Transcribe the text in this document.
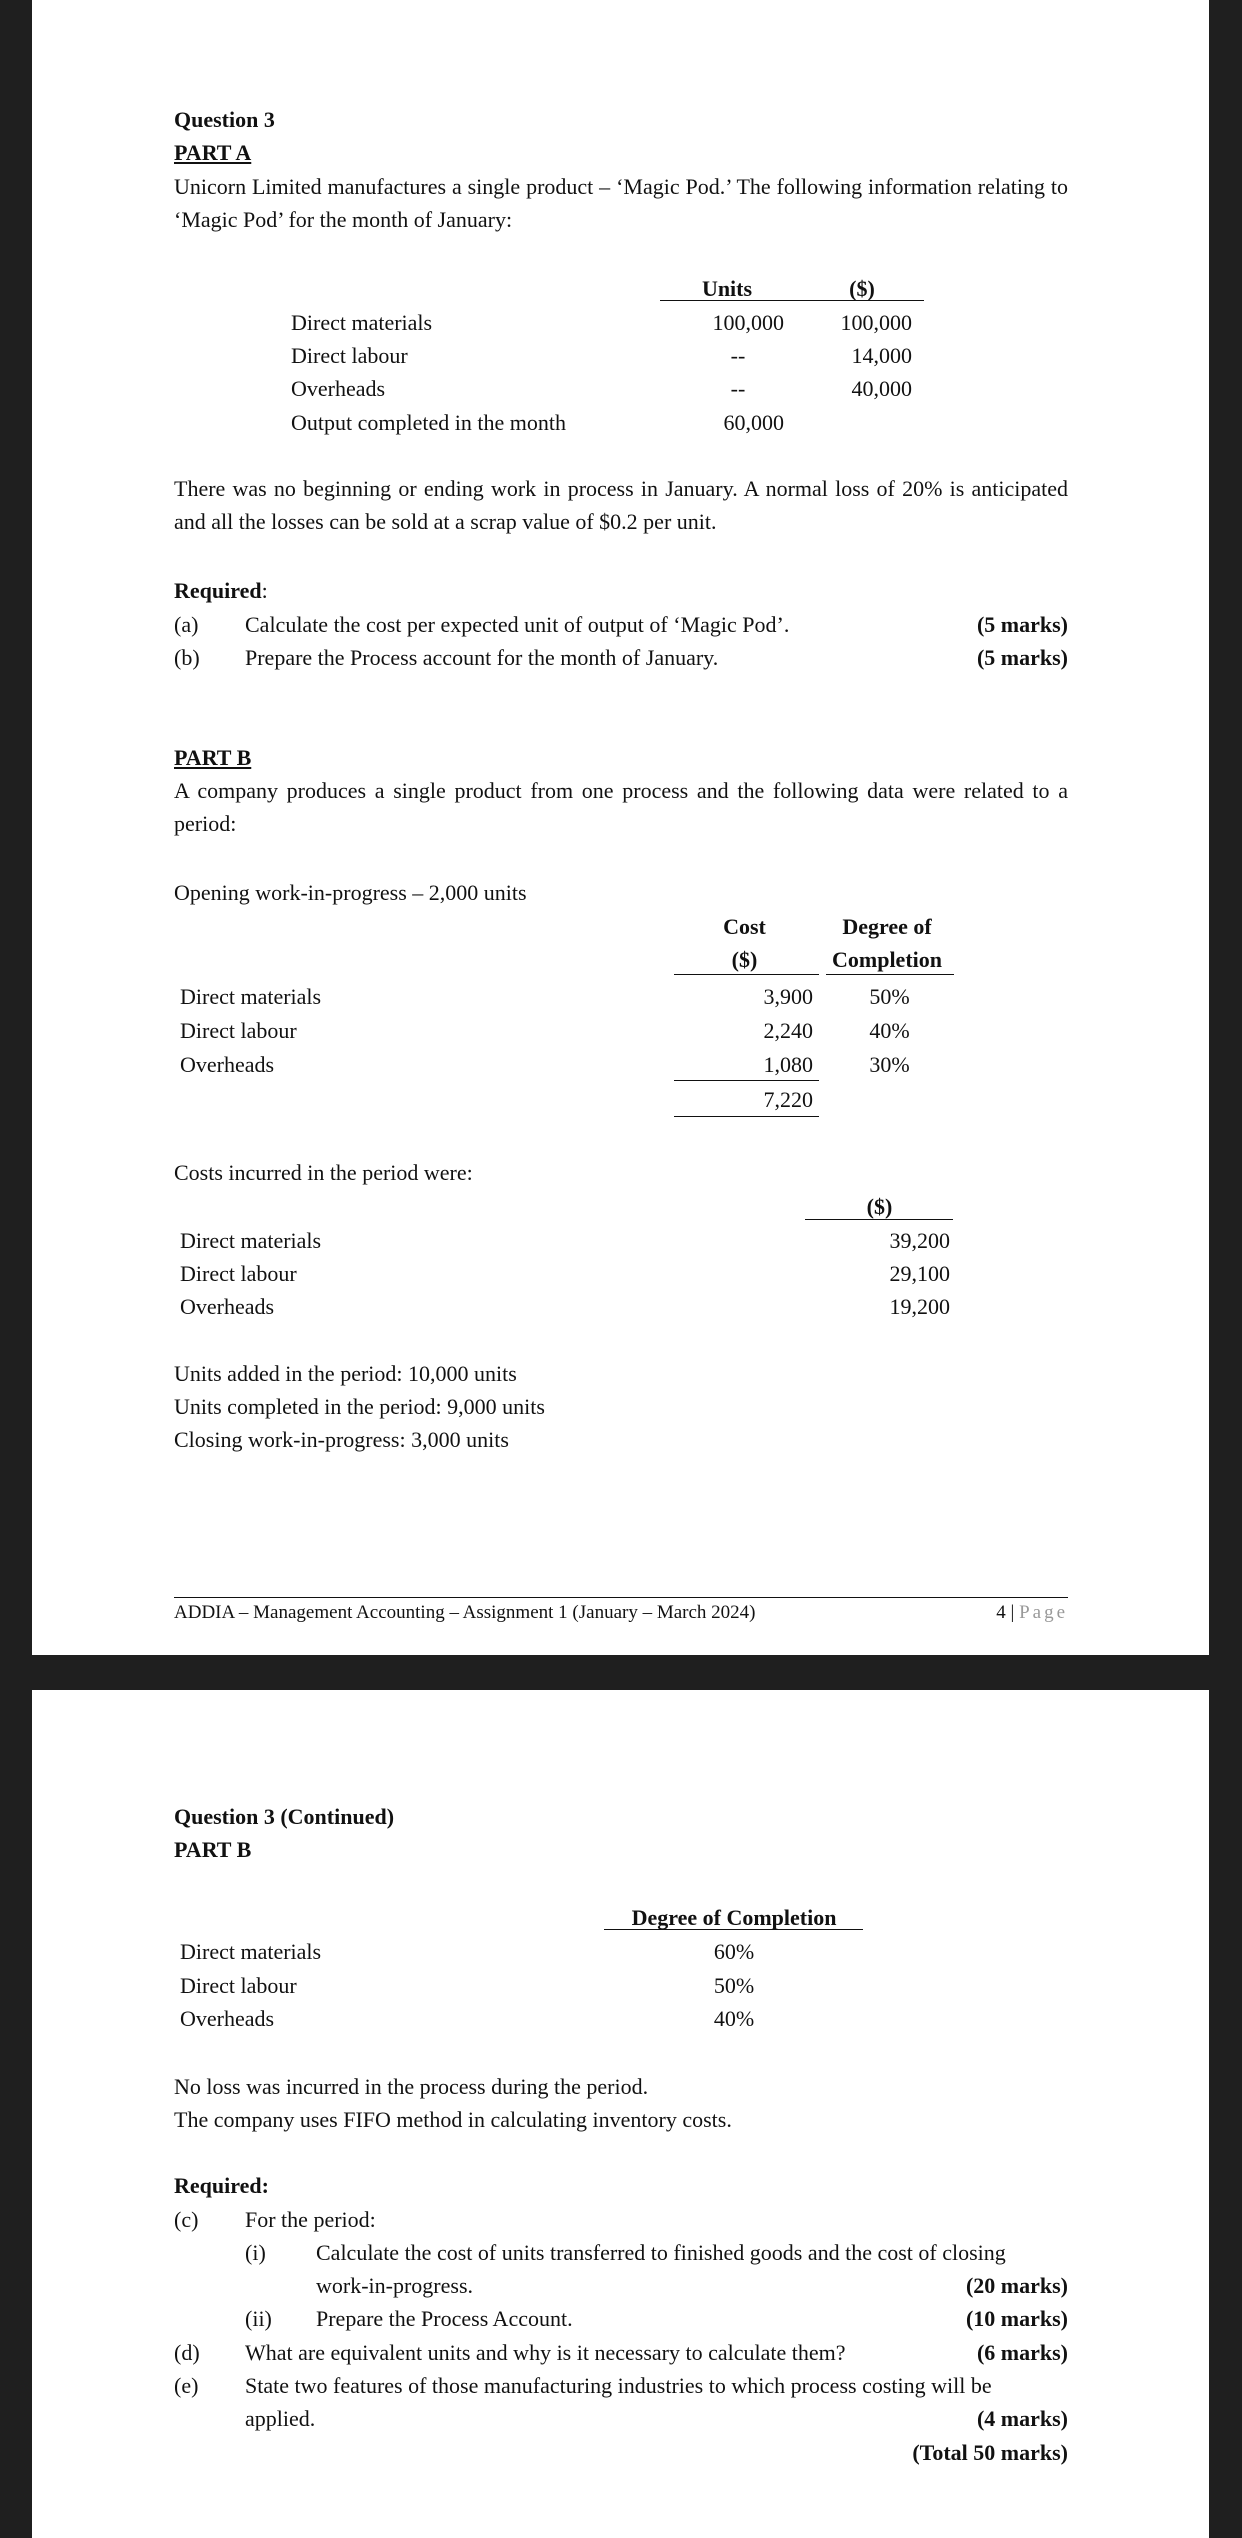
Question 3
PART A
Unicorn Limited manufactures a single product – ‘Magic Pod.’ The following information relating to ‘Magic Pod’ for the month of January:
Units	($)
Direct materials	100,000	100,000
Direct labour	--	14,000
Overheads	--	40,000
Output completed in the month	60,000
There was no beginning or ending work in process in January. A normal loss of 20% is anticipated and all the losses can be sold at a scrap value of $0.2 per unit.
Required:
(a) Calculate the cost per expected unit of output of ‘Magic Pod’.	(5 marks)
(b) Prepare the Process account for the month of January.	(5 marks)
PART B
A company produces a single product from one process and the following data were related to a period:
Opening work-in-progress – 2,000 units
Cost
($)
Degree of
Completion
Direct materials	3,900	50%
Direct labour	2,240	40%
Overheads	1,080	30%
7,220
Costs incurred in the period were:
($)
Direct materials	39,200
Direct labour	29,100
Overheads	19,200
Units added in the period: 10,000 units
Units completed in the period: 9,000 units
Closing work-in-progress: 3,000 units
ADDIA – Management Accounting – Assignment 1 (January – March 2024)	4 | Page
Question 3 (Continued)
PART B
Degree of Completion
Direct materials	60%
Direct labour	50%
Overheads	40%
No loss was incurred in the process during the period.
The company uses FIFO method in calculating inventory costs.
Required:
(c) For the period:
(i) Calculate the cost of units transferred to finished goods and the cost of closing
work-in-progress.	(20 marks)
(ii) Prepare the Process Account.	(10 marks)
(d) What are equivalent units and why is it necessary to calculate them?	(6 marks)
(e) State two features of those manufacturing industries to which process costing will be
applied.	(4 marks)
(Total 50 marks)
